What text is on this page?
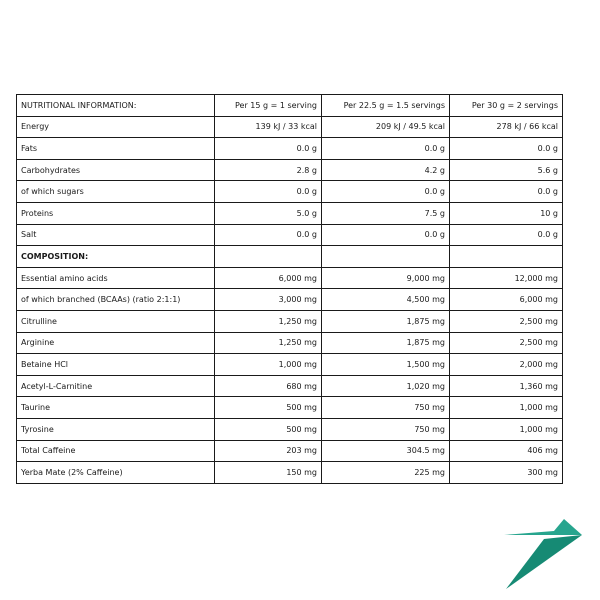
NUTRITIONAL INFORMATION:	Per 15 g = 1 serving	Per 22.5 g = 1.5 servings	Per 30 g = 2 servings
Energy	139 kJ / 33 kcal	209 kJ / 49.5 kcal	278 kJ / 66 kcal
Fats	0.0 g	0.0 g	0.0 g
Carbohydrates	2.8 g	4.2 g	5.6 g
of which sugars	0.0 g	0.0 g	0.0 g
Proteins	5.0 g	7.5 g	10 g
Salt	0.0 g	0.0 g	0.0 g
COMPOSITION:			
Essential amino acids	6,000 mg	9,000 mg	12,000 mg
of which branched (BCAAs) (ratio 2:1:1)	3,000 mg	4,500 mg	6,000 mg
Citrulline	1,250 mg	1,875 mg	2,500 mg
Arginine	1,250 mg	1,875 mg	2,500 mg
Betaine HCl	1,000 mg	1,500 mg	2,000 mg
Acetyl-L-Carnitine	680 mg	1,020 mg	1,360 mg
Taurine	500 mg	750 mg	1,000 mg
Tyrosine	500 mg	750 mg	1,000 mg
Total Caffeine	203 mg	304.5 mg	406 mg
Yerba Mate (2% Caffeine)	150 mg	225 mg	300 mg
